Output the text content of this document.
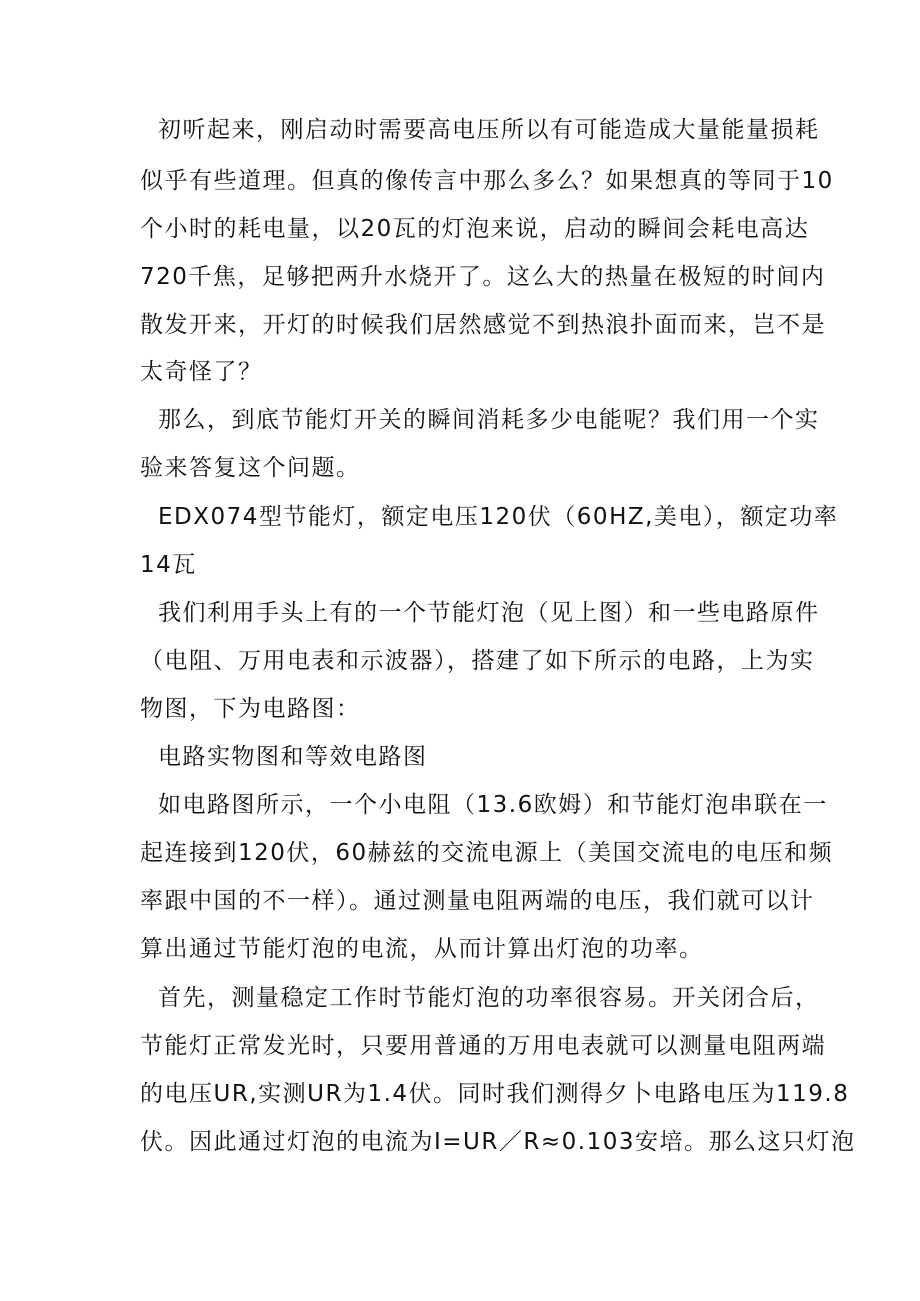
初听起来，刚启动时需要高电压所以有可能造成大量能量损耗
似乎有些道理。但真的像传言中那么多么？如果想真的等同于10
个小时的耗电量，以20瓦的灯泡来说，启动的瞬间会耗电高达
720千焦，足够把两升水烧开了。这么大的热量在极短的时间内
散发开来，开灯的时候我们居然感觉不到热浪扑面而来，岂不是
太奇怪了？
那么，到底节能灯开关的瞬间消耗多少电能呢？我们用一个实
验来答复这个问题。
EDX074型节能灯，额定电压120伏（60HZ,美电），额定功率
14瓦
我们利用手头上有的一个节能灯泡（见上图）和一些电路原件
（电阻、万用电表和示波器），搭建了如下所示的电路，上为实
物图，下为电路图：
电路实物图和等效电路图
如电路图所示，一个小电阻（13.6欧姆）和节能灯泡串联在一
起连接到120伏，60赫兹的交流电源上（美国交流电的电压和频
率跟中国的不一样）。通过测量电阻两端的电压，我们就可以计
算出通过节能灯泡的电流，从而计算出灯泡的功率。
首先，测量稳定工作时节能灯泡的功率很容易。开关闭合后，
节能灯正常发光时，只要用普通的万用电表就可以测量电阻两端
的电压UR,实测UR为1.4伏。同时我们测得夕卜电路电压为119.8
伏。因此通过灯泡的电流为I=UR／R≈0.103安培。那么这只灯泡
